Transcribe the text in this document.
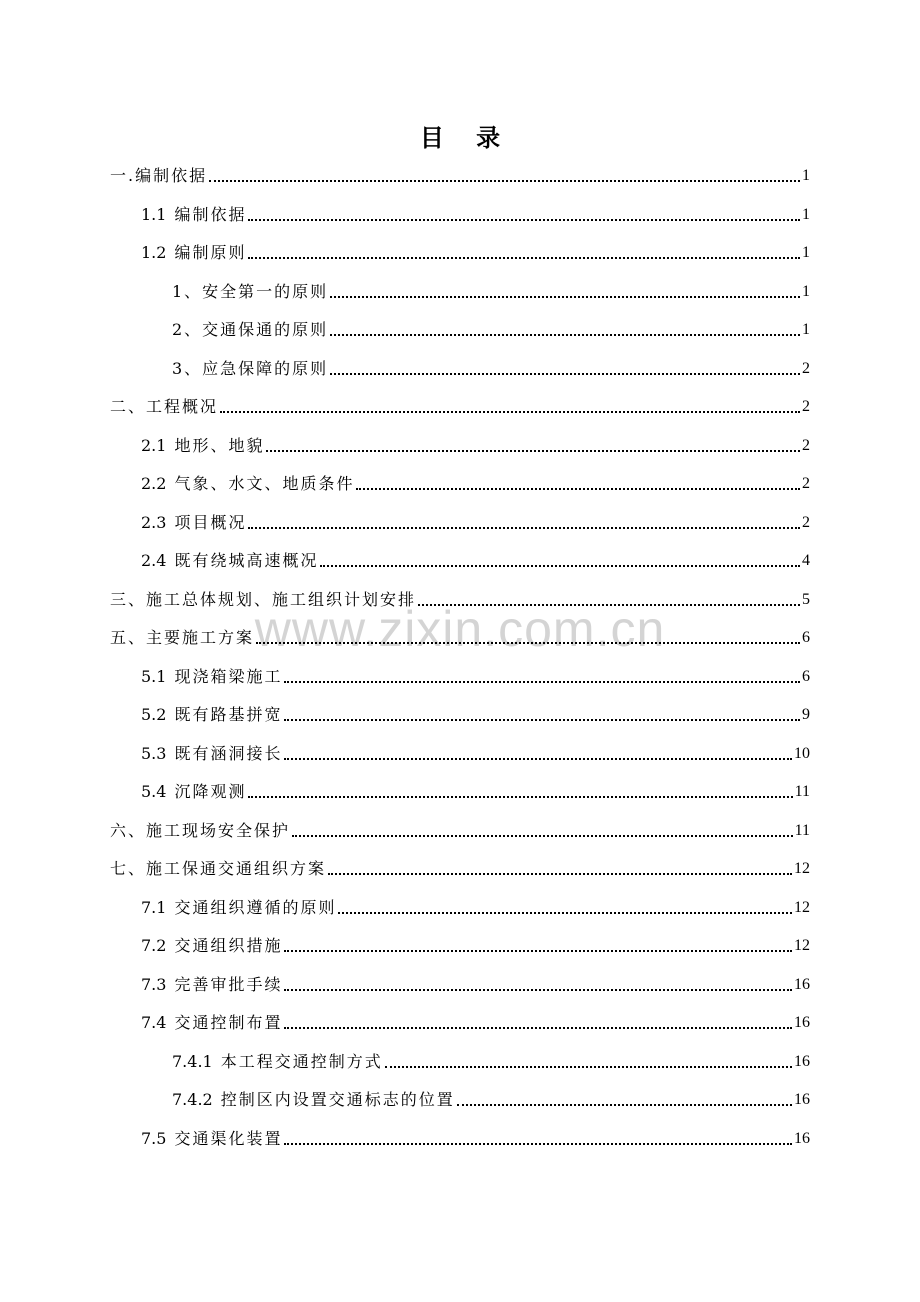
目 录
www.zixin.com.cn
一.编制依据	1
1.1 编制依据	1
1.2 编制原则	1
1、安全第一的原则	1
2、交通保通的原则	1
3、应急保障的原则	2
二、工程概况	2
2.1 地形、地貌	2
2.2 气象、水文、地质条件	2
2.3 项目概况	2
2.4 既有绕城高速概况	4
三、施工总体规划、施工组织计划安排	5
五、主要施工方案	6
5.1 现浇箱梁施工	6
5.2 既有路基拼宽	9
5.3 既有涵洞接长	10
5.4 沉降观测	11
六、施工现场安全保护	11
七、施工保通交通组织方案	12
7.1 交通组织遵循的原则	12
7.2 交通组织措施	12
7.3 完善审批手续	16
7.4 交通控制布置	16
7.4.1 本工程交通控制方式	16
7.4.2 控制区内设置交通标志的位置	16
7.5 交通渠化装置	16
